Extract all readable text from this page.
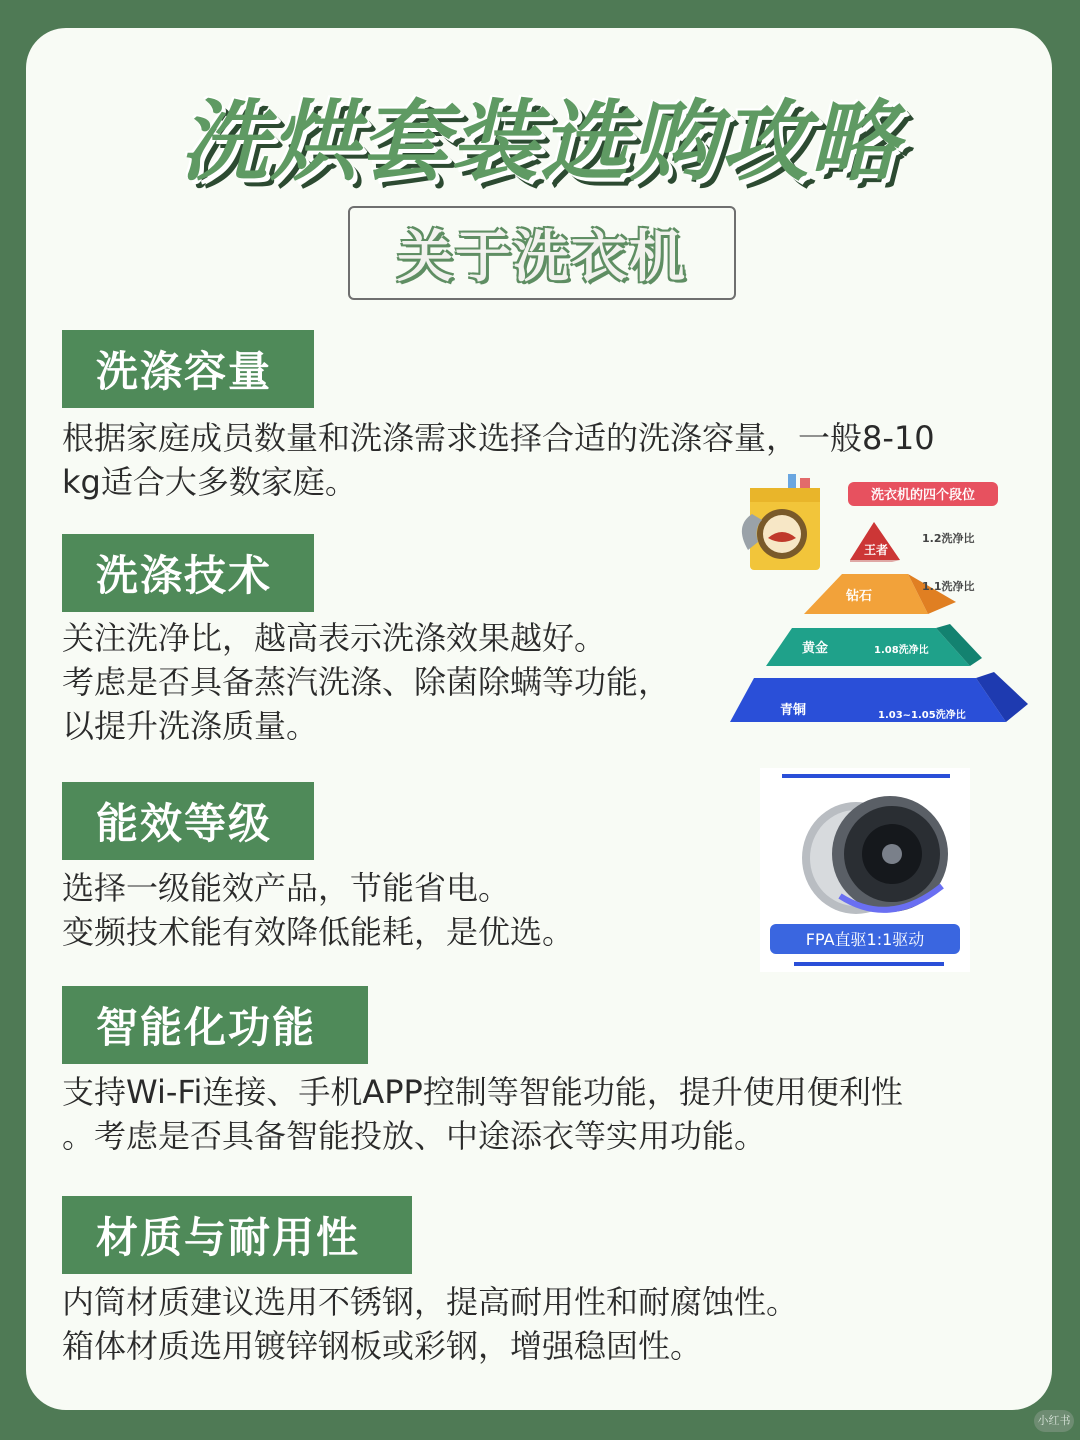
洗烘套装选购攻略
关于洗衣机
洗涤容量
根据家庭成员数量和洗涤需求选择合适的洗涤容量，一般8-10
kg适合大多数家庭。
洗涤技术
关注洗净比，越高表示洗涤效果越好。
考虑是否具备蒸汽洗涤、除菌除螨等功能，
以提升洗涤质量。
能效等级
选择一级能效产品，节能省电。
变频技术能有效降低能耗，是优选。
智能化功能
支持Wi-Fi连接、手机APP控制等智能功能，提升使用便利性
。考虑是否具备智能投放、中途添衣等实用功能。
材质与耐用性
内筒材质建议选用不锈钢，提高耐用性和耐腐蚀性。
箱体材质选用镀锌钢板或彩钢，增强稳固性。
洗衣机的四个段位
王者
1.2洗净比
钻石
1.1洗净比
黄金	1.08洗净比
青铜	1.03~1.05洗净比
FPA直驱1:1驱动
小红书
